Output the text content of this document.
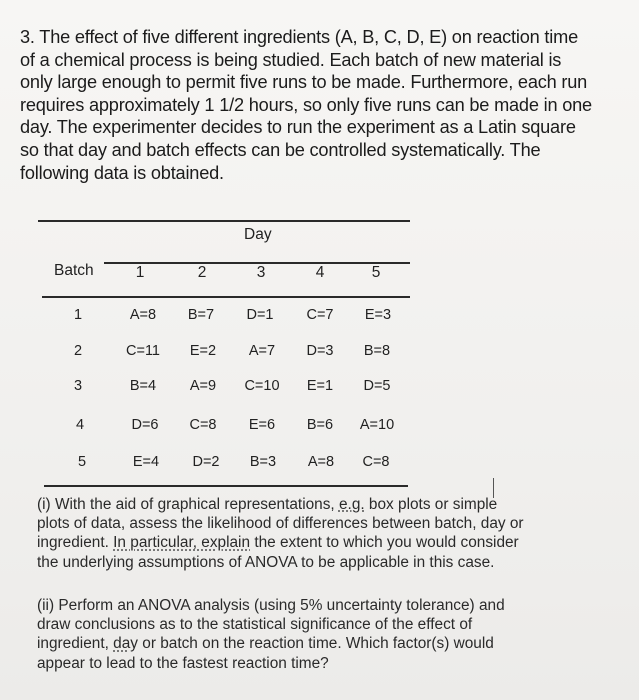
3. The effect of five different ingredients (A, B, C, D, E) on reaction time
of a chemical process is being studied. Each batch of new material is
only large enough to permit five runs to be made. Furthermore, each run
requires approximately 1 1/2 hours, so only five runs can be made in one
day. The experimenter decides to run the experiment as a Latin square
so that day and batch effects can be controlled systematically. The
following data is obtained.
Day
Batch	1	2	3	4	5
1	A=8 B=7 D=1 C=7 E=3
2	C=11 E=2 A=7 D=3 B=8
3	B=4 A=9 C=10 E=1 D=5
4	D=6 C=8 E=6 B=6 A=10
5	E=4 D=2 B=3 A=8 C=8
(i) With the aid of graphical representations, e.g. box plots or simple
plots of data, assess the likelihood of differences between batch, day or
ingredient. In particular, explain the extent to which you would consider
the underlying assumptions of ANOVA to be applicable in this case.
(ii) Perform an ANOVA analysis (using 5% uncertainty tolerance) and
draw conclusions as to the statistical significance of the effect of
ingredient, day or batch on the reaction time. Which factor(s) would
appear to lead to the fastest reaction time?
